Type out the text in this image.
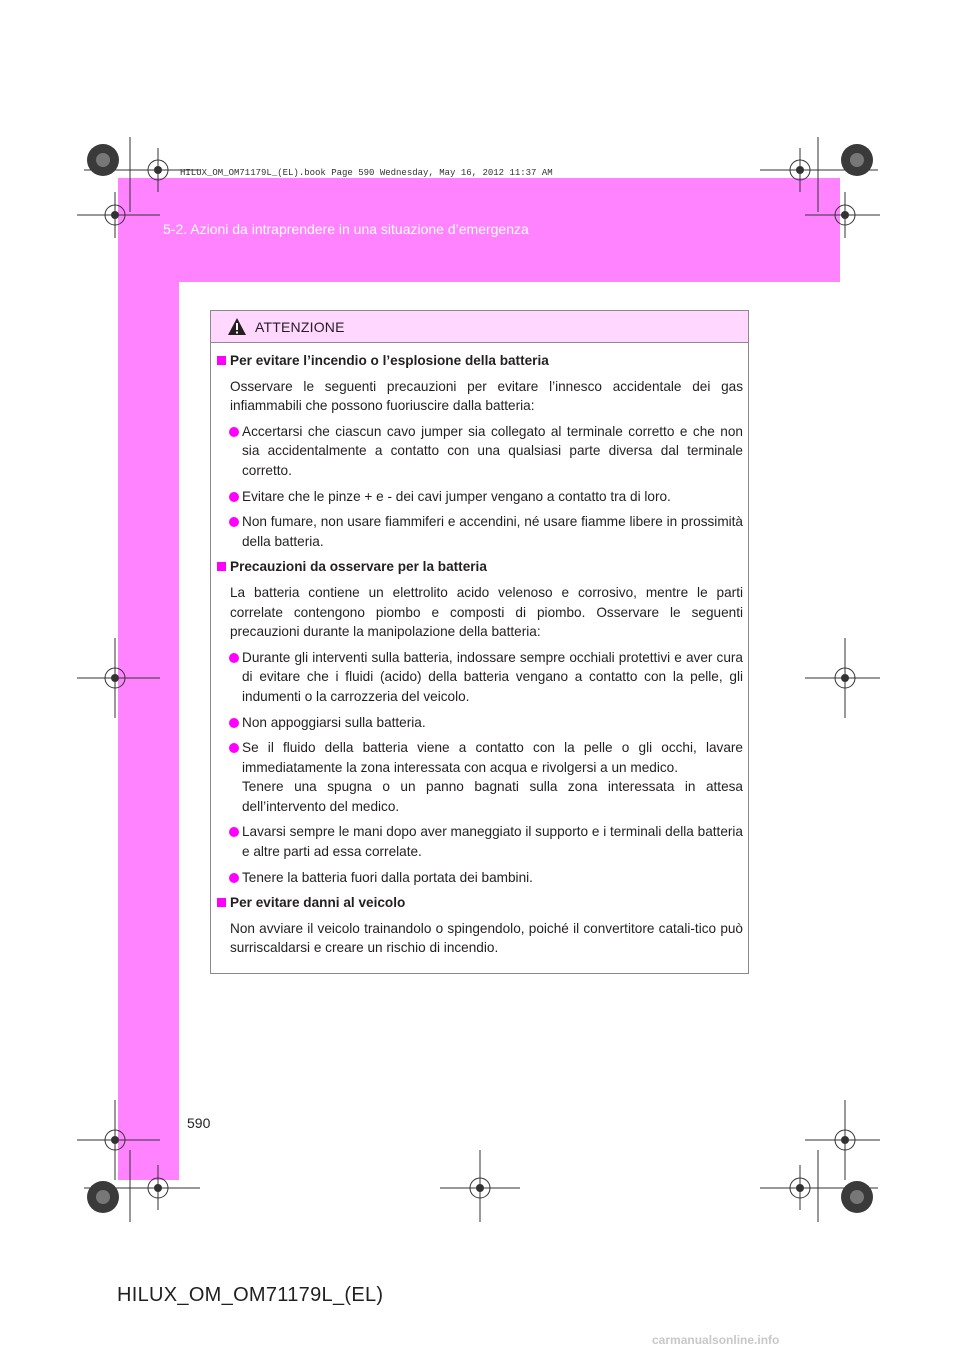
HILUX_OM_OM71179L_(EL).book Page 590 Wednesday, May 16, 2012 11:37 AM
5-2. Azioni da intraprendere in una situazione d’emergenza
ATTENZIONE
Per evitare l’incendio o l’esplosione della batteria
Osservare le seguenti precauzioni per evitare l’innesco accidentale dei gas infiammabili che possono fuoriuscire dalla batteria:
Accertarsi che ciascun cavo jumper sia collegato al terminale corretto e che non sia accidentalmente a contatto con una qualsiasi parte diversa dal terminale corretto.
Evitare che le pinze + e - dei cavi jumper vengano a contatto tra di loro.
Non fumare, non usare fiammiferi e accendini, né usare fiamme libere in prossimità della batteria.
Precauzioni da osservare per la batteria
La batteria contiene un elettrolito acido velenoso e corrosivo, mentre le parti correlate contengono piombo e composti di piombo. Osservare le seguenti precauzioni durante la manipolazione della batteria:
Durante gli interventi sulla batteria, indossare sempre occhiali protettivi e aver cura di evitare che i fluidi (acido) della batteria vengano a contatto con la pelle, gli indumenti o la carrozzeria del veicolo.
Non appoggiarsi sulla batteria.
Se il fluido della batteria viene a contatto con la pelle o gli occhi, lavare immediatamente la zona interessata con acqua e rivolgersi a un medico.
Tenere una spugna o un panno bagnati sulla zona interessata in attesa dell’intervento del medico.
Lavarsi sempre le mani dopo aver maneggiato il supporto e i terminali della batteria e altre parti ad essa correlate.
Tenere la batteria fuori dalla portata dei bambini.
Per evitare danni al veicolo
Non avviare il veicolo trainandolo o spingendolo, poiché il convertitore catali-tico può surriscaldarsi e creare un rischio di incendio.
590
HILUX_OM_OM71179L_(EL)
carmanualsonline.info
